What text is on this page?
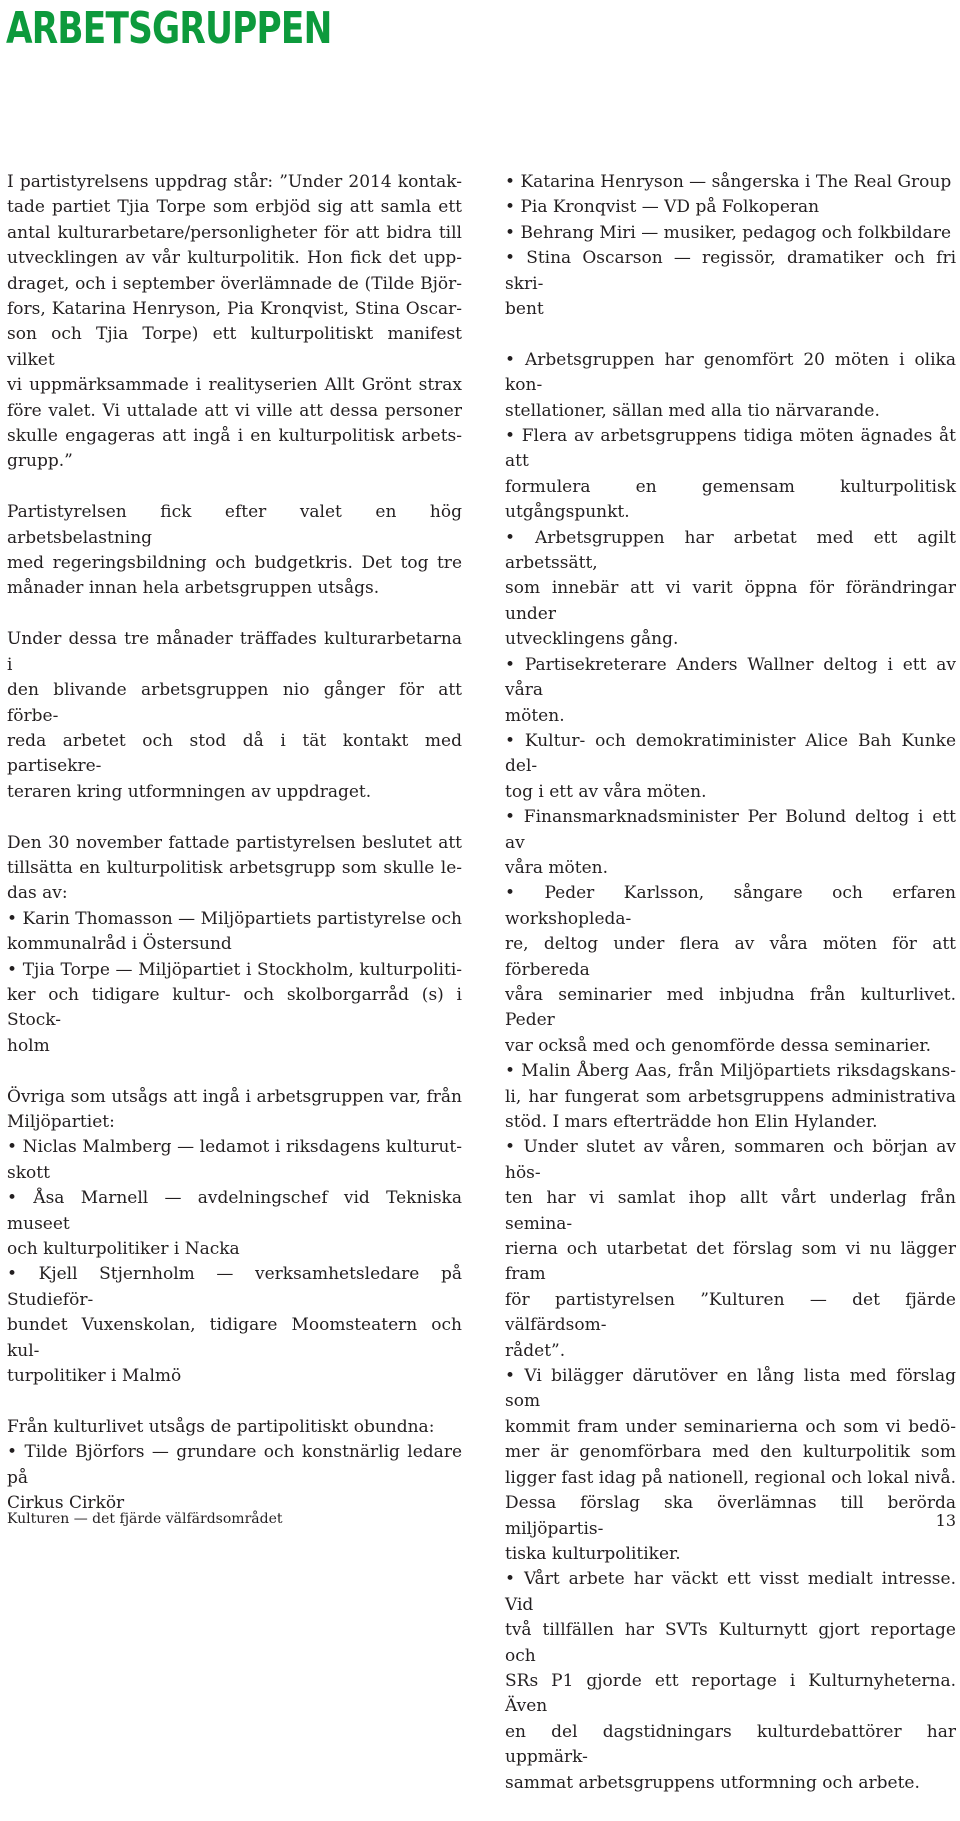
ARBETSGRUPPEN

I partistyrelsens uppdrag står: ”Under 2014 kontak-
tade partiet Tjia Torpe som erbjöd sig att samla ett
antal kulturarbetare/personligheter för att bidra till
utvecklingen av vår kulturpolitik. Hon fick det upp-
draget, och i september överlämnade de (Tilde Björ-
fors, Katarina Henryson, Pia Kronqvist, Stina Oscar-
son och Tjia Torpe) ett kulturpolitiskt manifest vilket
vi uppmärksammade i realityserien Allt Grönt strax
före valet. Vi uttalade att vi ville att dessa personer
skulle engageras att ingå i en kulturpolitisk arbets-
grupp.”

Partistyrelsen fick efter valet en hög arbetsbelastning
med regeringsbildning och budgetkris. Det tog tre
månader innan hela arbetsgruppen utsågs.

Under dessa tre månader träffades kulturarbetarna i
den blivande arbetsgruppen nio gånger för att förbe-
reda arbetet och stod då i tät kontakt med partisekre-
teraren kring utformningen av uppdraget.

Den 30 november fattade partistyrelsen beslutet att
tillsätta en kulturpolitisk arbetsgrupp som skulle le-
das av:
• Karin Thomasson — Miljöpartiets partistyrelse och
kommunalråd i Östersund
• Tjia Torpe — Miljöpartiet i Stockholm, kulturpoliti-
ker och tidigare kultur- och skolborgarråd (s) i Stock-
holm
Övriga som utsågs att ingå i arbetsgruppen var, från
Miljöpartiet:
• Niclas Malmberg — ledamot i riksdagens kulturut-
skott
• Åsa Marnell — avdelningschef vid Tekniska museet
och kulturpolitiker i Nacka
• Kjell Stjernholm — verksamhetsledare på Studieför-
bundet Vuxenskolan, tidigare Moomsteatern och kul-
turpolitiker i Malmö
Från kulturlivet utsågs de partipolitiskt obundna:
• Tilde Björfors — grundare och konstnärlig ledare på
Cirkus Cirkör
• Katarina Henryson — sångerska i The Real Group
• Pia Kronqvist — VD på Folkoperan
• Behrang Miri — musiker, pedagog och folkbildare
• Stina Oscarson — regissör, dramatiker och fri skri-
bent
• Arbetsgruppen har genomfört 20 möten i olika kon-
stellationer, sällan med alla tio närvarande.
• Flera av arbetsgruppens tidiga möten ägnades åt att
formulera en gemensam kulturpolitisk utgångspunkt.
• Arbetsgruppen har arbetat med ett agilt arbetssätt,
som innebär att vi varit öppna för förändringar under
utvecklingens gång.
• Partisekreterare Anders Wallner deltog i ett av våra
möten.
• Kultur- och demokratiminister Alice Bah Kunke del-
tog i ett av våra möten.
• Finansmarknadsminister Per Bolund deltog i ett av
våra möten.
• Peder Karlsson, sångare och erfaren workshopleda-
re, deltog under flera av våra möten för att förbereda
våra seminarier med inbjudna från kulturlivet. Peder
var också med och genomförde dessa seminarier.
• Malin Åberg Aas, från Miljöpartiets riksdagskans-
li, har fungerat som arbetsgruppens administrativa
stöd. I mars efterträdde hon Elin Hylander.
• Under slutet av våren, sommaren och början av hös-
ten har vi samlat ihop allt vårt underlag från semina-
rierna och utarbetat det förslag som vi nu lägger fram
för partistyrelsen ”Kulturen — det fjärde välfärdsom-
rådet”.
• Vi bilägger därutöver en lång lista med förslag som
kommit fram under seminarierna och som vi bedö-
mer är genomförbara med den kulturpolitik som
ligger fast idag på nationell, regional och lokal nivå.
Dessa förslag ska överlämnas till berörda miljöpartis-
tiska kulturpolitiker.
• Vårt arbete har väckt ett visst medialt intresse. Vid
två tillfällen har SVTs Kulturnytt gjort reportage och
SRs P1 gjorde ett reportage i Kulturnyheterna. Även
en del dagstidningars kulturdebattörer har uppmärk-
sammat arbetsgruppens utformning och arbete.
Kulturen — det fjärde välfärdsområdet	13
